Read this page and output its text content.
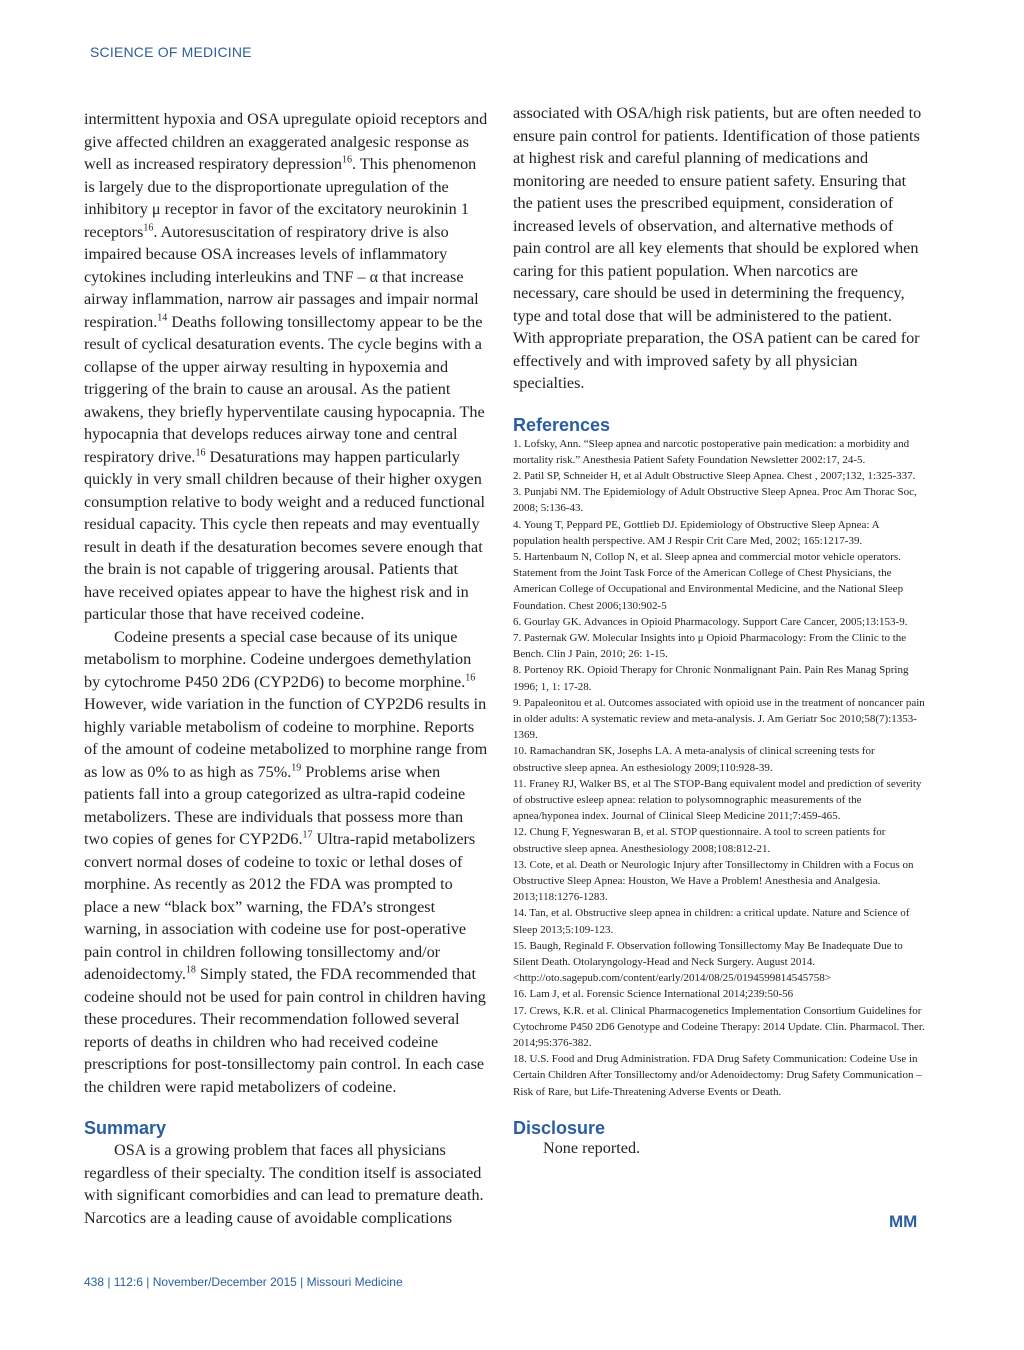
SCIENCE OF MEDICINE

intermittent hypoxia and OSA upregulate opioid receptors and give affected children an exaggerated analgesic response as well as increased respiratory depression$^{16}$. This phenomenon is largely due to the disproportionate upregulation of the inhibitory μ receptor in favor of the excitatory neurokinin 1 receptors$^{16}$. Autoresuscitation of respiratory drive is also impaired because OSA increases levels of inflammatory cytokines including interleukins and TNF – α that increase airway inflammation, narrow air passages and impair normal respiration.$^{14}$ Deaths following tonsillectomy appear to be the result of cyclical desaturation events. The cycle begins with a collapse of the upper airway resulting in hypoxemia and triggering of the brain to cause an arousal. As the patient awakens, they briefly hyperventilate causing hypocapnia. The hypocapnia that develops reduces airway tone and central respiratory drive.$^{16}$ Desaturations may happen particularly quickly in very small children because of their higher oxygen consumption relative to body weight and a reduced functional residual capacity. This cycle then repeats and may eventually result in death if the desaturation becomes severe enough that the brain is not capable of triggering arousal. Patients that have received opiates appear to have the highest risk and in particular those that have received codeine.

Codeine presents a special case because of its unique metabolism to morphine. Codeine undergoes demethylation by cytochrome P450 2D6 (CYP2D6) to become morphine.$^{16}$ However, wide variation in the function of CYP2D6 results in highly variable metabolism of codeine to morphine. Reports of the amount of codeine metabolized to morphine range from as low as 0% to as high as 75%.$^{19}$ Problems arise when patients fall into a group categorized as ultra-rapid codeine metabolizers. These are individuals that possess more than two copies of genes for CYP2D6.17 Ultra-rapid metabolizers convert normal doses of codeine to toxic or lethal doses of morphine. As recently as 2012 the FDA was prompted to place a new “black box” warning, the FDA’s strongest warning, in association with codeine use for post-operative pain control in children following tonsillectomy and/or adenoidectomy.$^{18}$ Simply stated, the FDA recommended that codeine should not be used for pain control in children having these procedures. Their recommendation followed several reports of deaths in children who had received codeine prescriptions for post-tonsillectomy pain control. In each case the children were rapid metabolizers of codeine.

Summary

OSA is a growing problem that faces all physicians regardless of their specialty. The condition itself is associated with significant comorbidies and can lead to premature death. Narcotics are a leading cause of avoidable complications

associated with OSA/high risk patients, but are often needed to ensure pain control for patients. Identification of those patients at highest risk and careful planning of medications and monitoring are needed to ensure patient safety. Ensuring that the patient uses the prescribed equipment, consideration of increased levels of observation, and alternative methods of pain control are all key elements that should be explored when caring for this patient population. When narcotics are necessary, care should be used in determining the frequency, type and total dose that will be administered to the patient. With appropriate preparation, the OSA patient can be cared for effectively and with improved safety by all physician specialties.

References

1. Lofsky, Ann. “Sleep apnea and narcotic postoperative pain medication: a morbidity and mortality risk.” Anesthesia Patient Safety Foundation Newsletter 2002:17, 24-5.

2. Patil SP, Schneider H, et al Adult Obstructive Sleep Apnea. Chest , 2007;132, 1:325-337.

3. Punjabi NM. The Epidemiology of Adult Obstructive Sleep Apnea. Proc Am Thorac Soc, 2008; 5:136-43.

4. Young T, Peppard PE, Gottlieb DJ. Epidemiology of Obstructive Sleep Apnea: A population health perspective. AM J Respir Crit Care Med, 2002; 165:1217-39.

5. Hartenbaum N, Collop N, et al. Sleep apnea and commercial motor vehicle operators. Statement from the Joint Task Force of the American College of Chest Physicians, the American College of Occupational and Environmental Medicine, and the National Sleep Foundation. Chest 2006;130:902-5

6. Gourlay GK. Advances in Opioid Pharmacology. Support Care Cancer, 2005;13:153-9.

7. Pasternak GW. Molecular Insights into μ Opioid Pharmacology: From the Clinic to the Bench. Clin J Pain, 2010; 26: 1-15.

8. Portenoy RK. Opioid Therapy for Chronic Nonmalignant Pain. Pain Res Manag Spring 1996; 1, 1: 17-28.

9. Papaleonitou et al. Outcomes associated with opioid use in the treatment of noncancer pain in older adults: A systematic review and meta-analysis. J. Am Geriatr Soc 2010;58(7):1353-1369.

10. Ramachandran SK, Josephs LA. A meta-analysis of clinical screening tests for obstructive sleep apnea. An esthesiology 2009;110:928-39.

11. Franey RJ, Walker BS, et al The STOP-Bang equivalent model and prediction of severity of obstructive esleep apnea: relation to polysomnographic measurements of the apnea/hyponea index. Journal of Clinical Sleep Medicine 2011;7:459-465.

12. Chung F, Yegneswaran B, et al. STOP questionnaire. A tool to screen patients for obstructive sleep apnea. Anesthesiology 2008;108:812-21.

13. Cote, et al. Death or Neurologic Injury after Tonsillectomy in Children with a Focus on Obstructive Sleep Apnea: Houston, We Have a Problem! Anesthesia and Analgesia. 2013;118:1276-1283.

14. Tan, et al. Obstructive sleep apnea in children: a critical update. Nature and Science of Sleep 2013;5:109-123.

15. Baugh, Reginald F. Observation following Tonsillectomy May Be Inadequate Due to Silent Death. Otolaryngology-Head and Neck Surgery. August 2014. <http://oto.sagepub.com/content/early/2014/08/25/0194599814545758>

16. Lam J, et al. Forensic Science International 2014;239:50-56

17. Crews, K.R. et al. Clinical Pharmacogenetics Implementation Consortium Guidelines for Cytochrome P450 2D6 Genotype and Codeine Therapy: 2014 Update. Clin. Pharmacol. Ther. 2014;95:376-382.

18. U.S. Food and Drug Administration. FDA Drug Safety Communication: Codeine Use in Certain Children After Tonsillectomy and/or Adenoidectomy: Drug Safety Communication – Risk of Rare, but Life-Threatening Adverse Events or Death.

Disclosure

None reported.

MM
438 | 112:6 | November/December 2015 | Missouri Medicine
